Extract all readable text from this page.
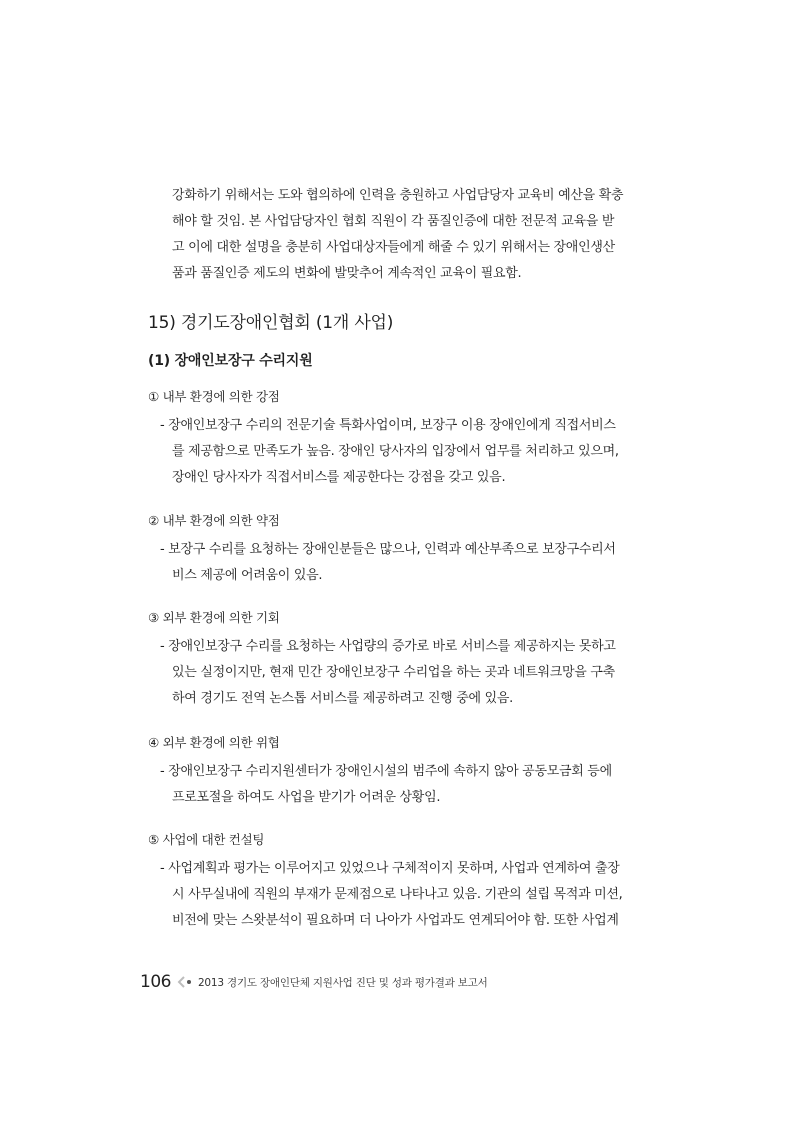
강화하기 위해서는 도와 협의하에 인력을 충원하고 사업담당자 교육비 예산을 확충
해야 할 것임. 본 사업담당자인 협회 직원이 각 품질인증에 대한 전문적 교육을 받
고 이에 대한 설명을 충분히 사업대상자들에게 해줄 수 있기 위해서는 장애인생산
품과 품질인증 제도의 변화에 발맞추어 계속적인 교육이 필요함.

15) 경기도장애인협회 (1개 사업)
(1) 장애인보장구 수리지원
① 내부 환경에 의한 강점

- 장애인보장구 수리의 전문기술 특화사업이며, 보장구 이용 장애인에게 직접서비스
를 제공함으로 만족도가 높음. 장애인 당사자의 입장에서 업무를 처리하고 있으며,
장애인 당사자가 직접서비스를 제공한다는 강점을 갖고 있음.

② 내부 환경에 의한 약점

- 보장구 수리를 요청하는 장애인분들은 많으나, 인력과 예산부족으로 보장구수리서
비스 제공에 어려움이 있음.

③ 외부 환경에 의한 기회

- 장애인보장구 수리를 요청하는 사업량의 증가로 바로 서비스를 제공하지는 못하고
있는 실정이지만, 현재 민간 장애인보장구 수리업을 하는 곳과 네트워크망을 구축
하여 경기도 전역 논스톱 서비스를 제공하려고 진행 중에 있음.

④ 외부 환경에 의한 위협

- 장애인보장구 수리지원센터가 장애인시설의 범주에 속하지 않아 공동모금회 등에
프로포절을 하여도 사업을 받기가 어려운 상황임.

⑤ 사업에 대한 컨설팅

- 사업계획과 평가는 이루어지고 있었으나 구체적이지 못하며, 사업과 연계하여 출장
시 사무실내에 직원의 부재가 문제점으로 나타나고 있음. 기관의 설립 목적과 미션,
비전에 맞는 스왓분석이 필요하며 더 나아가 사업과도 연계되어야 함. 또한 사업계

106	2013 경기도 장애인단체 지원사업 진단 및 성과 평가결과 보고서
